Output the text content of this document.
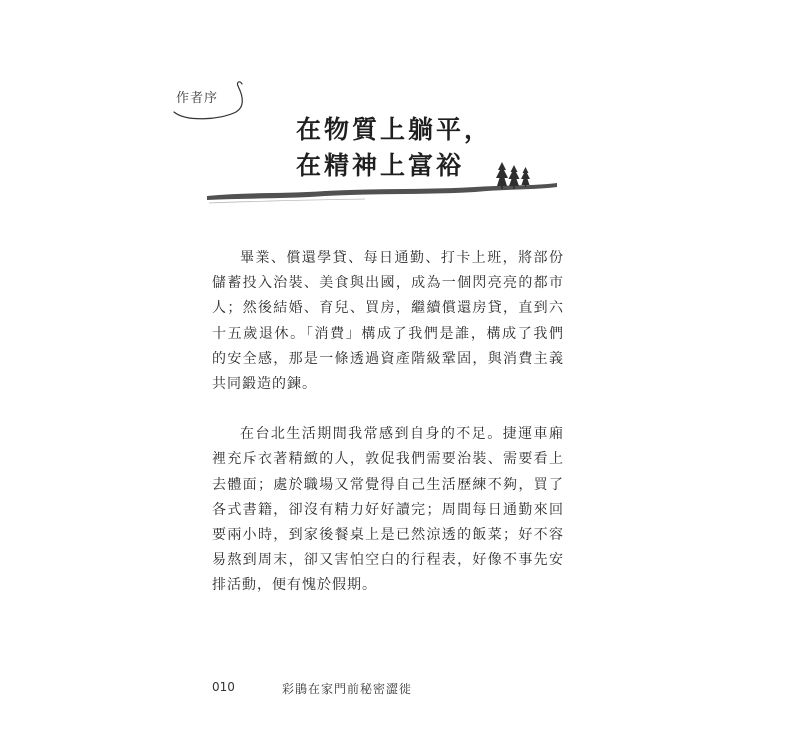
作者序
在物質上躺平，
在精神上富裕

畢業、償還學貸、每日通勤、打卡上班，將部份儲蓄投入治裝、美食與出國，成為一個閃亮亮的都市人；然後結婚、育兒、買房，繼續償還房貸，直到六十五歲退休。「消費」構成了我們是誰，構成了我們的安全感，那是一條透過資產階級鞏固，與消費主義共同鍛造的鍊。

在台北生活期間我常感到自身的不足。捷運車廂裡充斥衣著精緻的人，敦促我們需要治裝、需要看上去體面；處於職場又常覺得自己生活歷練不夠，買了各式書籍，卻沒有精力好好讀完；周間每日通勤來回要兩小時，到家後餐桌上是已然涼透的飯菜；好不容易熬到周末，卻又害怕空白的行程表，好像不事先安排活動，便有愧於假期。

010	彩鵑在家門前秘密澀徙
